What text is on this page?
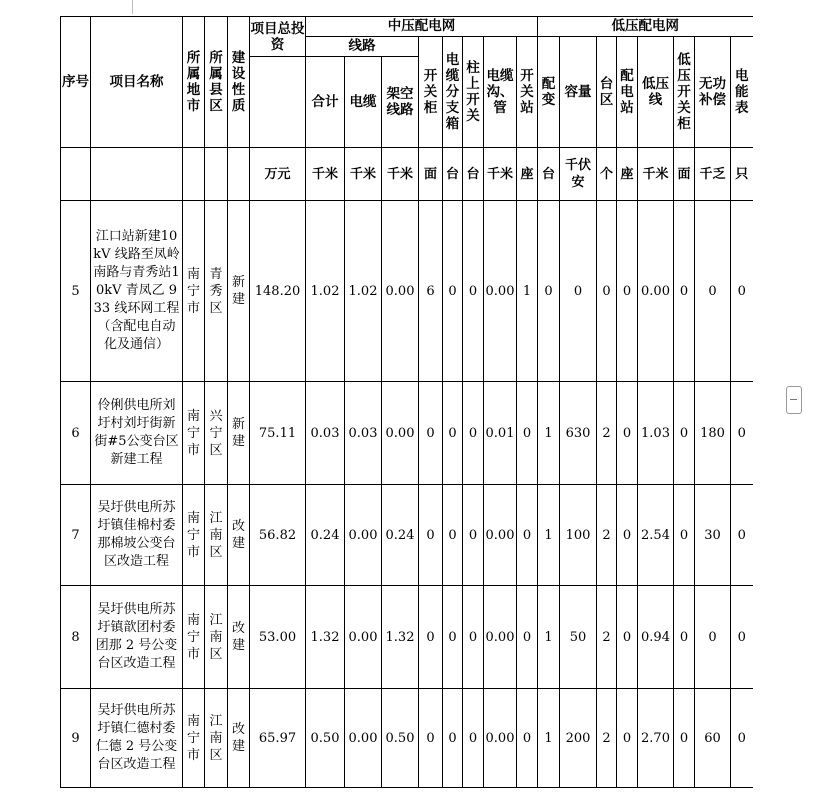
序号	项目名称	所属地市	所属县区	建设性质	项目总投资	中压配电网								低压配电网							
						线路			开关柜	电缆分支箱	柱上开关	电缆沟、管	开关站	配变	容量	台区	配电站	低压线	低压开关柜	无功补偿	电能表
						合计	电缆	架空线路													
					万元	千米	千米	千米	面	台	台	千米	座	台	千伏安	个	座	千米	面	千乏	只
5	江口站新建10kV 线路至凤岭南路与青秀站10kV 青凤乙 933 线环网工程（含配电自动化及通信）	南宁市	青秀区	新建	148.20	1.02	1.02	0.00	6	0	0	0.00	1	0	0	0	0	0.00	0	0	0
6	伶俐供电所刘圩村刘圩街新街#5公变台区新建工程	南宁市	兴宁区	新建	75.11	0.03	0.03	0.00	0	0	0	0.01	0	1	630	2	0	1.03	0	180	0
7	吴圩供电所苏圩镇佳棉村委那棉坡公变台区改造工程	南宁市	江南区	改建	56.82	0.24	0.00	0.24	0	0	0	0.00	0	1	100	2	0	2.54	0	30	0
8	吴圩供电所苏圩镇歆团村委团那 2 号公变台区改造工程	南宁市	江南区	改建	53.00	1.32	0.00	1.32	0	0	0	0.00	0	1	50	2	0	0.94	0	0	0
9	吴圩供电所苏圩镇仁德村委仁德 2 号公变台区改造工程	南宁市	江南区	改建	65.97	0.50	0.00	0.50	0	0	0	0.00	0	1	200	2	0	2.70	0	60	0
